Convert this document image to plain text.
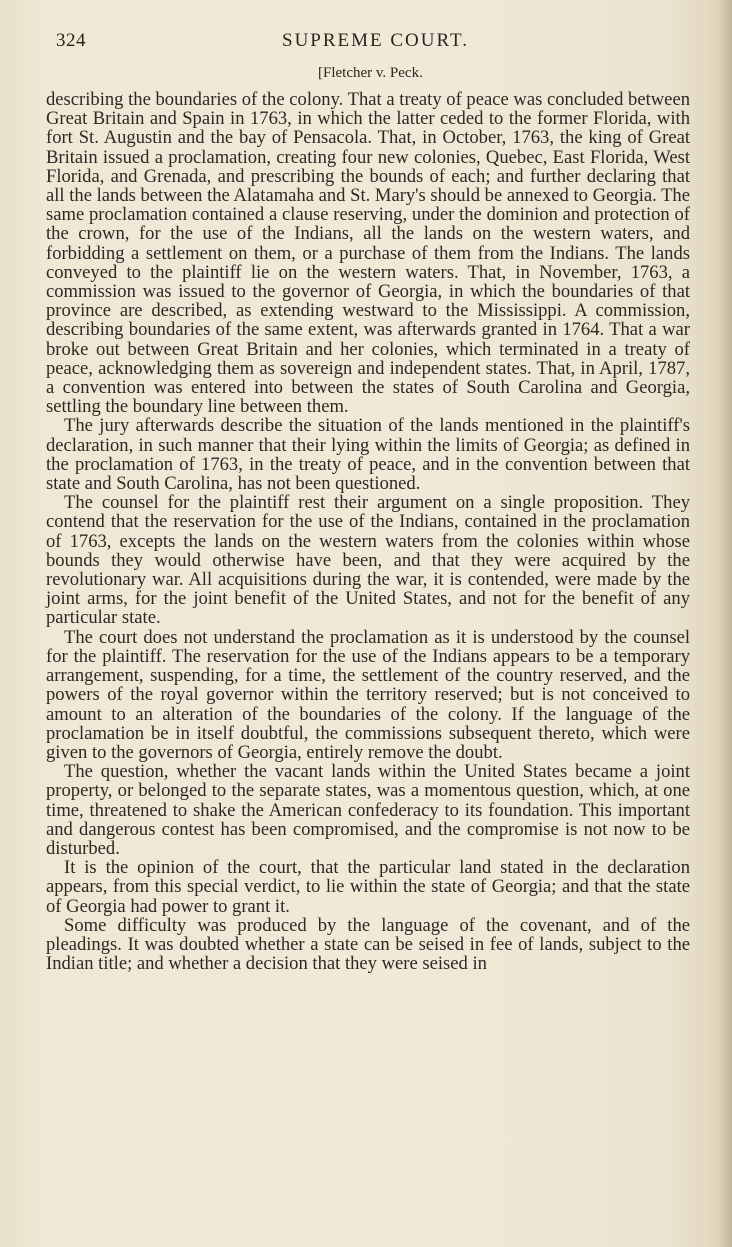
324	SUPREME COURT.
[Fletcher v. Peck.

describing the boundaries of the colony. That a treaty of peace was concluded between Great Britain and Spain in 1763, in which the latter ceded to the former Florida, with fort St. Augustin and the bay of Pensacola. That, in October, 1763, the king of Great Britain issued a proclamation, creating four new colonies, Quebec, East Florida, West Florida, and Grenada, and prescribing the bounds of each; and further declaring that all the lands between the Alatamaha and St. Mary's should be annexed to Georgia. The same proclamation contained a clause reserving, under the dominion and protection of the crown, for the use of the Indians, all the lands on the western waters, and forbidding a settlement on them, or a purchase of them from the Indians. The lands conveyed to the plaintiff lie on the western waters. That, in November, 1763, a commission was issued to the governor of Georgia, in which the boundaries of that province are described, as extending westward to the Mississippi. A commission, describing boundaries of the same extent, was afterwards granted in 1764. That a war broke out between Great Britain and her colonies, which terminated in a treaty of peace, acknowledging them as sovereign and independent states. That, in April, 1787, a convention was entered into between the states of South Carolina and Georgia, settling the boundary line between them.

The jury afterwards describe the situation of the lands mentioned in the plaintiff's declaration, in such manner that their lying within the limits of Georgia; as defined in the proclamation of 1763, in the treaty of peace, and in the convention between that state and South Carolina, has not been questioned.

The counsel for the plaintiff rest their argument on a single proposition. They contend that the reservation for the use of the Indians, contained in the proclamation of 1763, excepts the lands on the western waters from the colonies within whose bounds they would otherwise have been, and that they were acquired by the revolutionary war. All acquisitions during the war, it is contended, were made by the joint arms, for the joint benefit of the United States, and not for the benefit of any particular state.

The court does not understand the proclamation as it is understood by the counsel for the plaintiff. The reservation for the use of the Indians appears to be a temporary arrangement, suspending, for a time, the settlement of the country reserved, and the powers of the royal governor within the territory reserved; but is not conceived to amount to an alteration of the boundaries of the colony. If the language of the proclamation be in itself doubtful, the commissions subsequent thereto, which were given to the governors of Georgia, entirely remove the doubt.

The question, whether the vacant lands within the United States became a joint property, or belonged to the separate states, was a momentous question, which, at one time, threatened to shake the American confederacy to its foundation. This important and dangerous contest has been compromised, and the compromise is not now to be disturbed.

It is the opinion of the court, that the particular land stated in the declaration appears, from this special verdict, to lie within the state of Georgia; and that the state of Georgia had power to grant it.

Some difficulty was produced by the language of the covenant, and of the pleadings. It was doubted whether a state can be seised in fee of lands, subject to the Indian title; and whether a decision that they were seised in
